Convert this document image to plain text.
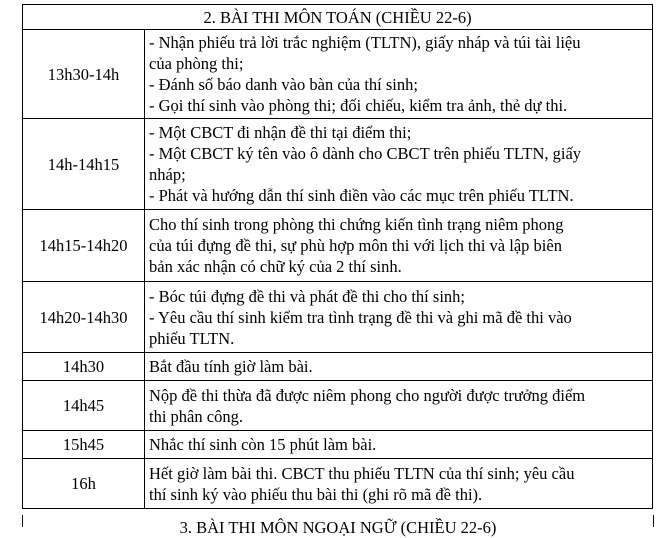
2. BÀI THI MÔN TOÁN (CHIỀU 22-6)	
13h30-14h	- Nhận phiếu trả lời trắc nghiệm (TLTN), giấy nháp và túi tài liệu
của phòng thi;
- Đánh số báo danh vào bàn của thí sinh;
- Gọi thí sinh vào phòng thi; đối chiếu, kiểm tra ảnh, thẻ dự thi.

14h-14h15	- Một CBCT đi nhận đề thi tại điểm thi;
- Một CBCT ký tên vào ô dành cho CBCT trên phiếu TLTN, giấy
nháp;
- Phát và hướng dẫn thí sinh điền vào các mục trên phiếu TLTN.

14h15-14h20	Cho thí sinh trong phòng thi chứng kiến tình trạng niêm phong
của túi đựng đề thi, sự phù hợp môn thi với lịch thi và lập biên
bản xác nhận có chữ ký của 2 thí sinh.

14h20-14h30	- Bóc túi đựng đề thi và phát đề thi cho thí sinh;
- Yêu cầu thí sinh kiểm tra tình trạng đề thi và ghi mã đề thi vào
phiếu TLTN.

14h30	Bắt đầu tính giờ làm bài.

14h45	Nộp đề thi thừa đã được niêm phong cho người được trưởng điểm
thi phân công.

15h45	Nhắc thí sinh còn 15 phút làm bài.

16h	Hết giờ làm bài thi. CBCT thu phiếu TLTN của thí sinh; yêu cầu
thí sinh ký vào phiếu thu bài thi (ghi rõ mã đề thi).
3. BÀI THI MÔN NGOẠI NGỮ (CHIỀU 22-6)
